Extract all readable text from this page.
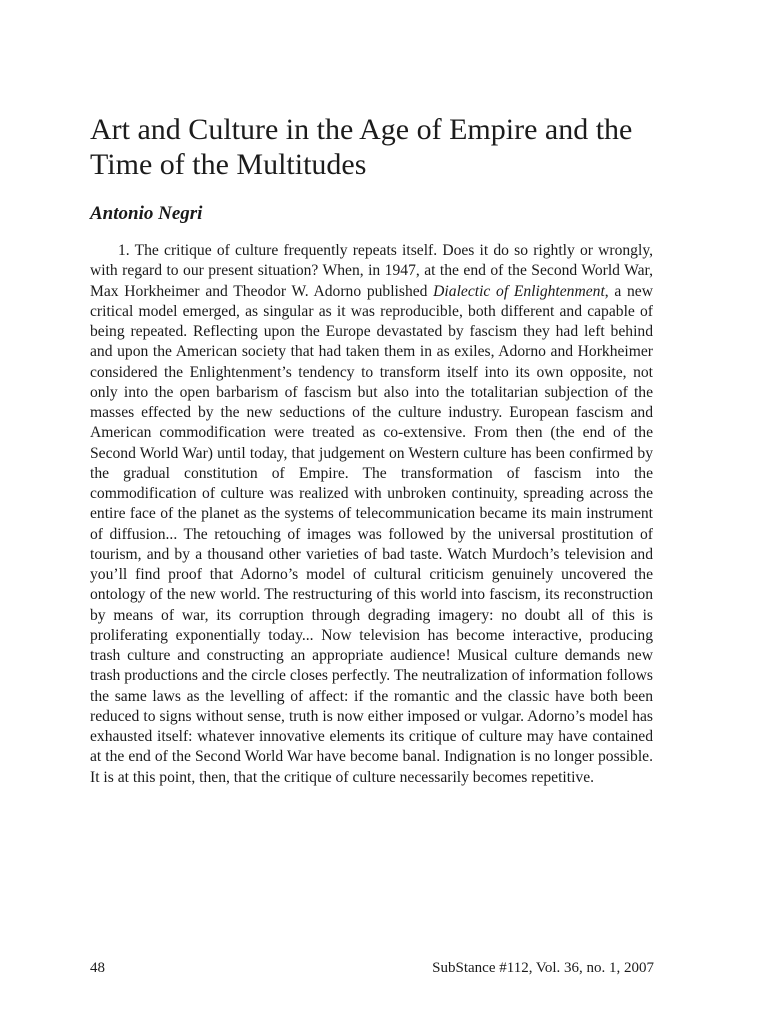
Art and Culture in the Age of Empire and the Time of the Multitudes
Antonio Negri

1. The critique of culture frequently repeats itself. Does it do so rightly or wrongly, with regard to our present situation? When, in 1947, at the end of the Second World War, Max Horkheimer and Theodor W. Adorno published Dialectic of Enlightenment, a new critical model emerged, as singular as it was reproducible, both different and capable of being repeated. Reflecting upon the Europe devastated by fascism they had left behind and upon the American society that had taken them in as exiles, Adorno and Horkheimer considered the Enlightenment’s tendency to transform itself into its own opposite, not only into the open barbarism of fascism but also into the totalitarian subjection of the masses effected by the new seductions of the culture industry. European fascism and American commodification were treated as co-extensive. From then (the end of the Second World War) until today, that judgement on Western culture has been confirmed by the gradual constitution of Empire. The transformation of fascism into the commodification of culture was realized with unbroken continuity, spreading across the entire face of the planet as the systems of telecommunication became its main instrument of diffusion... The retouching of images was followed by the universal prostitution of tourism, and by a thousand other varieties of bad taste. Watch Murdoch’s television and you’ll find proof that Adorno’s model of cultural criticism genuinely uncovered the ontology of the new world. The restructuring of this world into fascism, its reconstruction by means of war, its corruption through degrading imagery: no doubt all of this is proliferating exponentially today... Now television has become interactive, producing trash culture and constructing an appropriate audience! Musical culture demands new trash productions and the circle closes perfectly. The neutralization of information follows the same laws as the levelling of affect: if the romantic and the classic have both been reduced to signs without sense, truth is now either imposed or vulgar. Adorno’s model has exhausted itself: whatever innovative elements its critique of culture may have contained at the end of the Second World War have become banal. Indignation is no longer possible. It is at this point, then, that the critique of culture necessarily becomes repetitive.

48	SubStance #112, Vol. 36, no. 1, 2007
